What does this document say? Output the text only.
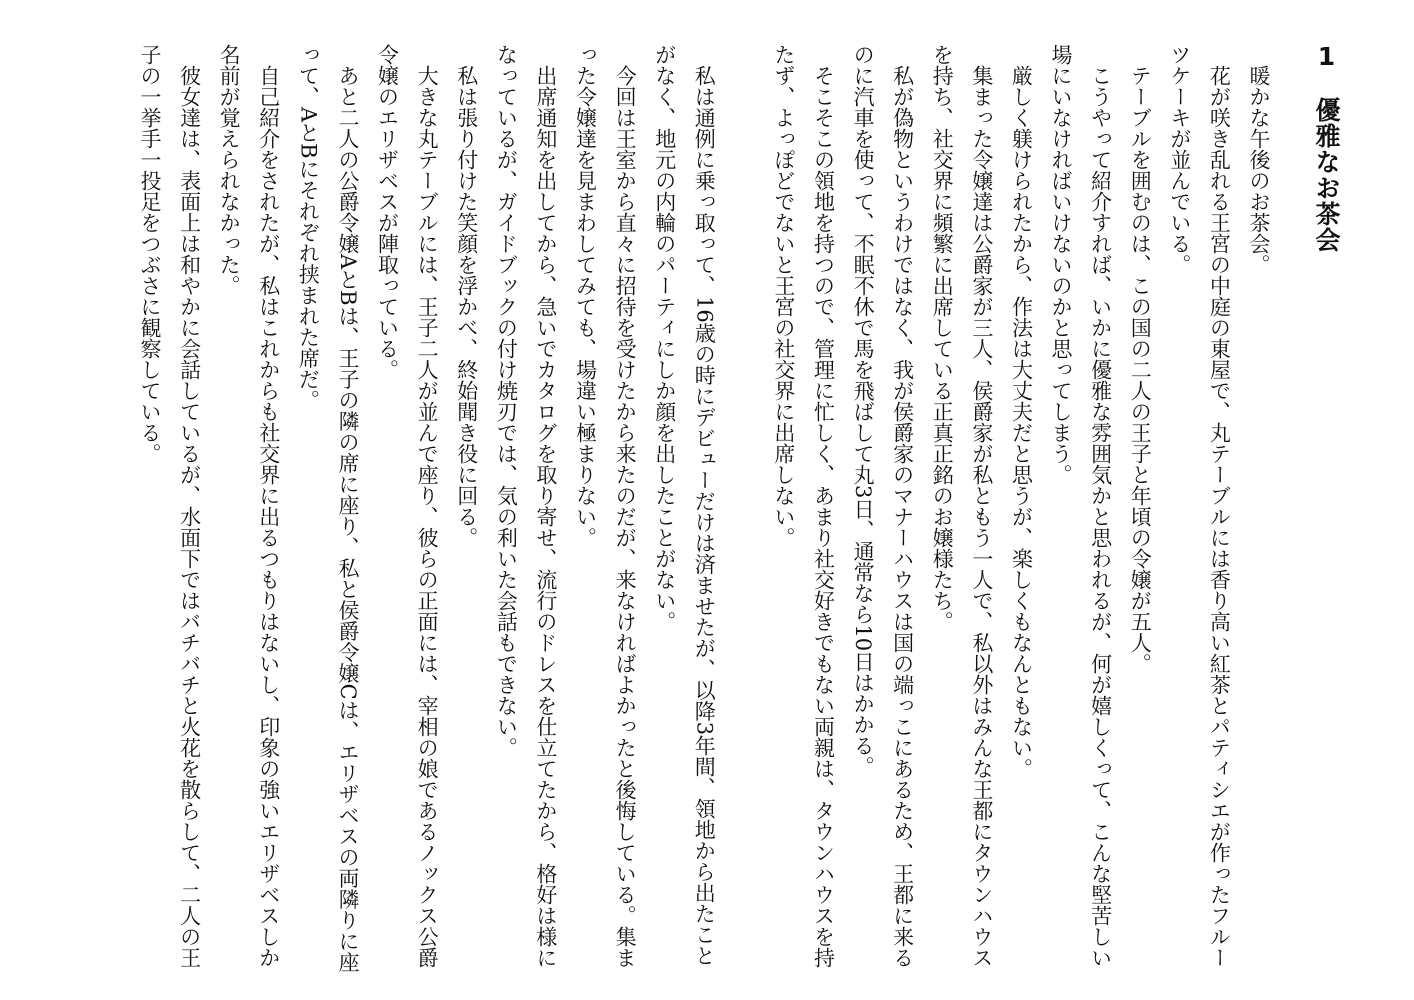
1優雅なお茶会

暖かな午後のお茶会。

花が咲き乱れる王宮の中庭の東屋で、丸テーブルには香り高い紅茶とパティシエが作ったフルーツケーキが並んでいる。

テーブルを囲むのは、この国の二人の王子と年頃の令嬢が五人。

こうやって紹介すれば、いかに優雅な雰囲気かと思われるが、何が嬉しくって、こんな堅苦しい場にいなければいけないのかと思ってしまう。

厳しく躾けられたから、作法は大丈夫だと思うが、楽しくもなんともない。

集まった令嬢達は公爵家が三人、侯爵家が私ともう一人で、私以外はみんな王都にタウンハウスを持ち、社交界に頻繁に出席している正真正銘のお嬢様たち。

私が偽物というわけではなく、我が侯爵家のマナーハウスは国の端っこにあるため、王都に来るのに汽車を使って、不眠不休で馬を飛ばして丸3日、通常なら10日はかかる。

そこそこの領地を持つので、管理に忙しく、あまり社交好きでもない両親は、タウンハウスを持たず、よっぽどでないと王宮の社交界に出席しない。

私は通例に乗っ取って、16歳の時にデビューだけは済ませたが、以降3年間、領地から出たことがなく、地元の内輪のパーティにしか顔を出したことがない。

今回は王室から直々に招待を受けたから来たのだが、来なければよかったと後悔している。集まった令嬢達を見まわしてみても、場違い極まりない。

出席通知を出してから、急いでカタログを取り寄せ、流行のドレスを仕立てたから、格好は様になっているが、ガイドブックの付け焼刃では、気の利いた会話もできない。

私は張り付けた笑顔を浮かべ、終始聞き役に回る。

大きな丸テーブルには、王子二人が並んで座り、彼らの正面には、宰相の娘であるノックス公爵令嬢のエリザベスが陣取っている。

あと二人の公爵令嬢AとBは、王子の隣の席に座り、私と侯爵令嬢Cは、エリザベスの両隣りに座って、AとBにそれぞれ挟まれた席だ。

自己紹介をされたが、私はこれからも社交界に出るつもりはないし、印象の強いエリザベスしか名前が覚えられなかった。

彼女達は、表面上は和やかに会話しているが、水面下ではバチバチと火花を散らして、二人の王子の一挙手一投足をつぶさに観察している。
